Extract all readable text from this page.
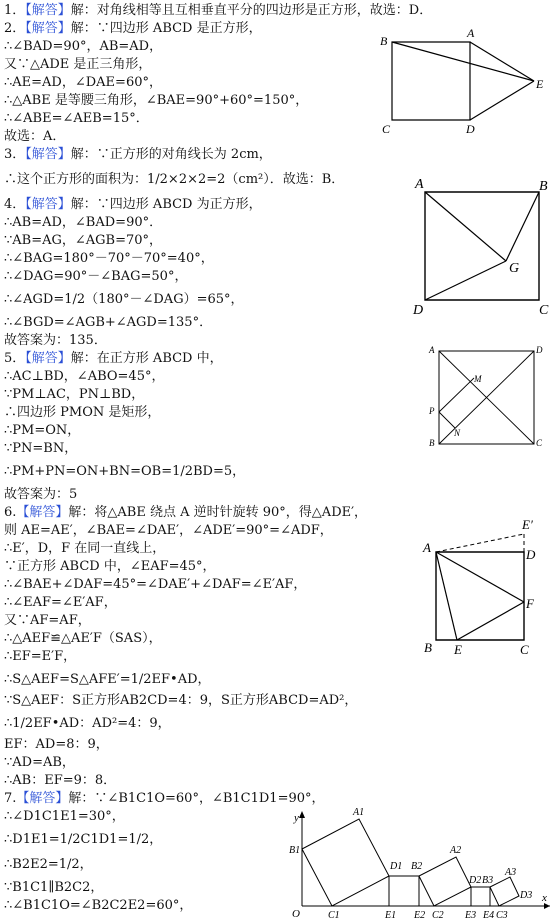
1．【解答】解：对角线相等且互相垂直平分的四边形是正方形，故选：D．
2．【解答】解：∵四边形 ABCD 是正方形，
∴∠BAD=90°，AB=AD，
又∵△ADE 是正三角形，
∴AE=AD，∠DAE=60°，
∴△ABE 是等腰三角形，∠BAE=90°+60°=150°，
∴∠ABE=∠AEB=15°．
故选：A．
3．【解答】解：∵正方形的对角线长为 2cm，
∴这个正方形的面积为：1/2×2×2=2（cm²）．故选：B．
4．【解答】解：∵四边形 ABCD 为正方形，
∴AB=AD，∠BAD=90°．
∵AB=AG，∠AGB=70°，
∴∠BAG=180°－70°－70°=40°，
∴∠DAG=90°－∠BAG=50°，
∴∠AGD=1/2（180°－∠DAG）=65°，
∴∠BGD=∠AGB+∠AGD=135°．
故答案为：135．
5．【解答】解：在正方形 ABCD 中，
∴AC⊥BD，∠ABO=45°，
∵PM⊥AC，PN⊥BD，
∴四边形 PMON 是矩形，
∴PM=ON，
∵PN=BN，
∴PM+PN=ON+BN=OB=1/2BD=5，
故答案为：5
6.【解答】解：将△ABE 绕点 A 逆时针旋转 90°，得△ADE′，
则 AE=AE′，∠BAE=∠DAE′，∠ADE′=90°=∠ADF，
∴E′，D，F 在同一直线上，
∵正方形 ABCD 中，∠EAF=45°，
∴∠BAE+∠DAF=45°=∠DAE′+∠DAF=∠E′AF，
∴∠EAF=∠E′AF，
又∵AF=AF，
∴△AEF≌△AE′F（SAS），
∴EF=E′F，
∴S△AEF=S△AFE′=1/2EF•AD，
∵S△AEF：S正方形AB2CD=4：9，S正方形ABCD=AD²，
∴1/2EF•AD：AD²=4：9，
EF：AD=8：9，
∵AD=AB，
∴AB：EF=9：8．
7.【解答】解：∵∠B1C1O=60°，∠B1C1D1=90°，
∴∠D1C1E1=30°，
∴D1E1=1/2C1D1=1/2，
∴B2E2=1/2，
∵B1C1∥B2C2，
∴∠B1C1O=∠B2C2E2=60°，
B
A
E
C	D
A	B
G
D	C
A	D
M
P
N
B	C
E′
A	D
F
B E	C
y
x
O
A1
B1
C1
D1
E1
B2
A2
E2 C2
D2 B3
E3 E4 C3
A3
D3
